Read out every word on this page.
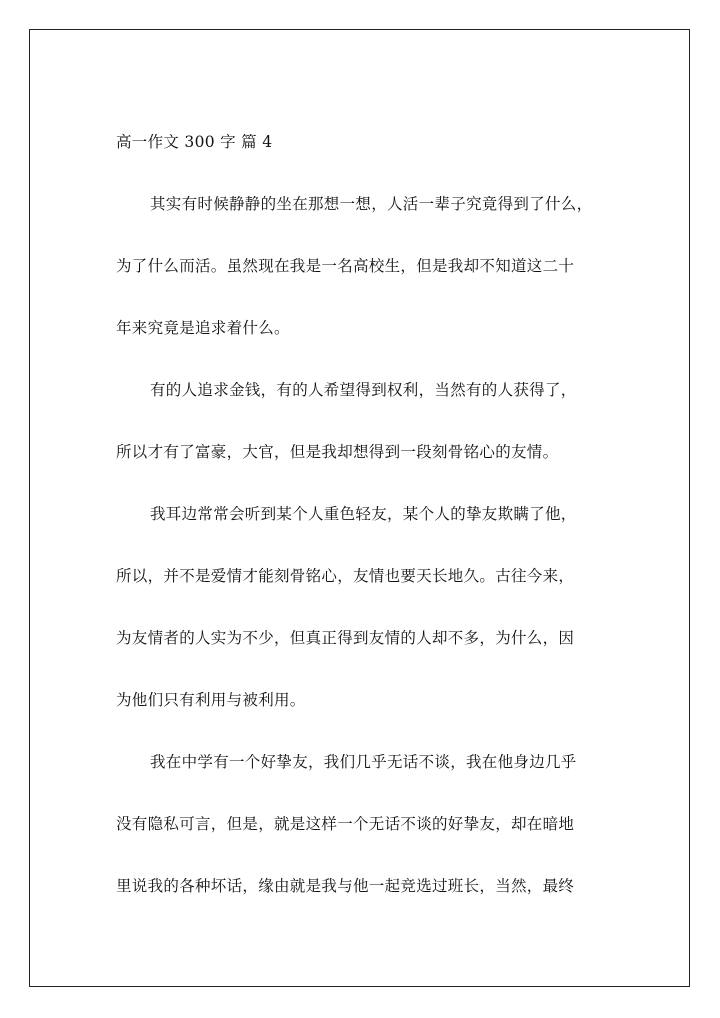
高一作文 300 字 篇 4
其实有时候静静的坐在那想一想，人活一辈子究竟得到了什么，
为了什么而活。虽然现在我是一名高校生，但是我却不知道这二十
年来究竟是追求着什么。
有的人追求金钱，有的人希望得到权利，当然有的人获得了，
所以才有了富豪，大官，但是我却想得到一段刻骨铭心的友情。
我耳边常常会听到某个人重色轻友，某个人的挚友欺瞒了他，
所以，并不是爱情才能刻骨铭心，友情也要天长地久。古往今来，
为友情者的人实为不少，但真正得到友情的人却不多，为什么，因
为他们只有利用与被利用。
我在中学有一个好挚友，我们几乎无话不谈，我在他身边几乎
没有隐私可言，但是，就是这样一个无话不谈的好挚友，却在暗地
里说我的各种坏话，缘由就是我与他一起竞选过班长，当然，最终
